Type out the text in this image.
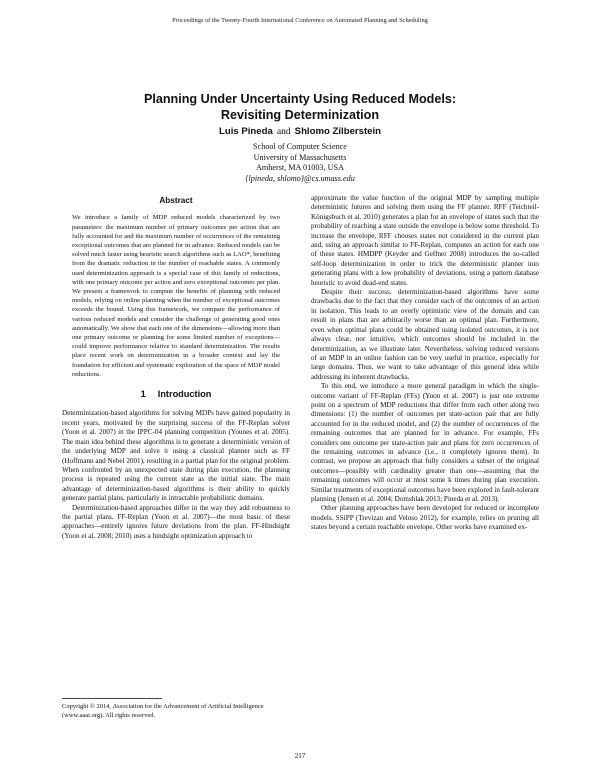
Proceedings of the Twenty-Fourth International Conference on Automated Planning and Scheduling
Planning Under Uncertainty Using Reduced Models:
Revisiting Determinization
Luis Pineda and Shlomo Zilberstein
School of Computer Science
University of Massachusetts
Amherst, MA 01003, USA
{lpineda, shlomo}@cs.umass.edu
Abstract

We introduce a family of MDP reduced models characterized by two parameters: the maximum number of primary outcomes per action that are fully accounted for and the maximum number of occurrences of the remaining exceptional outcomes that are planned for in advance. Reduced models can be solved much faster using heuristic search algorithms such as LAO*, benefiting from the dramatic reduction in the number of reachable states. A commonly used determinization approach is a special case of this family of reductions, with one primary outcome per action and zero exceptional outcomes per plan. We present a framework to compute the benefits of planning with reduced models, relying on online planning when the number of exceptional outcomes exceeds the bound. Using this framework, we compare the performance of various reduced models and consider the challenge of generating good ones automatically. We show that each one of the dimensions—allowing more than one primary outcome or planning for some limited number of exceptions—could improve performance relative to standard determinization. The results place recent work on determinization in a broader context and lay the foundation for efficient and systematic exploration of the space of MDP model reductions.

1 Introduction

Determinization-based algorithms for solving MDPs have gained popularity in recent years, motivated by the surprising success of the FF-Replan solver (Yoon et al. 2007) in the IPPC-04 planning competition (Younes et al. 2005). The main idea behind these algorithms is to generate a deterministic version of the underlying MDP and solve it using a classical planner such as FF (Hoffmann and Nebel 2001), resulting in a partial plan for the original problem. When confronted by an unexpected state during plan execution, the planning process is repeated using the current state as the initial state. The main advantage of determinization-based algorithms is their ability to quickly generate partial plans, particularly in intractable probabilistic domains.

Determinization-based approaches differ in the way they add robustness to the partial plans. FF-Replan (Yoon et al. 2007)—the most basic of these approaches—entirely ignores future deviations from the plan. FF-Hindsight (Yoon et al. 2008; 2010) uses a hindsight optimization approach to

Copyright © 2014, Association for the Advancement of Artificial Intelligence (www.aaai.org). All rights reserved.

approximate the value function of the original MDP by sampling multiple deterministic futures and solving them using the FF planner. RFF (Teichteil-Königsbuch et al. 2010) generates a plan for an envelope of states such that the probability of reaching a state outside the envelope is below some threshold. To increase the envelope, RFF chooses states not considered in the current plan and, using an approach similar to FF-Replan, computes an action for each one of these states. HMDPP (Keyder and Geffner 2008) introduces the so-called self-loop determinization in order to trick the deterministic planner into generating plans with a low probability of deviations, using a pattern database heuristic to avoid dead-end states.

Despite their success, determinization-based algorithms have some drawbacks due to the fact that they consider each of the outcomes of an action in isolation. This leads to an overly optimistic view of the domain and can result in plans that are arbitrarily worse than an optimal plan. Furthermore, even when optimal plans could be obtained using isolated outcomes, it is not always clear, nor intuitive, which outcomes should be included in the determinization, as we illustrate later. Nevertheless, solving reduced versions of an MDP in an online fashion can be very useful in practice, especially for large domains. Thus, we want to take advantage of this general idea while addressing its inherent drawbacks.

To this end, we introduce a more general paradigm in which the single-outcome variant of FF-Replan (FFs) (Yoon et al. 2007) is just one extreme point on a spectrum of MDP reductions that differ from each other along two dimensions: (1) the number of outcomes per state-action pair that are fully accounted for in the reduced model, and (2) the number of occurrences of the remaining outcomes that are planned for in advance. For example, FFs considers one outcome per state-action pair and plans for zero occurrences of the remaining outcomes in advance (i.e., it completely ignores them). In contrast, we propose an approach that fully considers a subset of the original outcomes—possibly with cardinality greater than one—assuming that the remaining outcomes will occur at most some k times during plan execution. Similar treatments of exceptional outcomes have been explored in fault-tolerant planning (Jensen et al. 2004; Domshlak 2013; Pineda et al. 2013).

Other planning approaches have been developed for reduced or incomplete models. SSiPP (Trevizan and Veloso 2012), for example, relies on pruning all states beyond a certain reachable envelope. Other works have examined ex-

217
